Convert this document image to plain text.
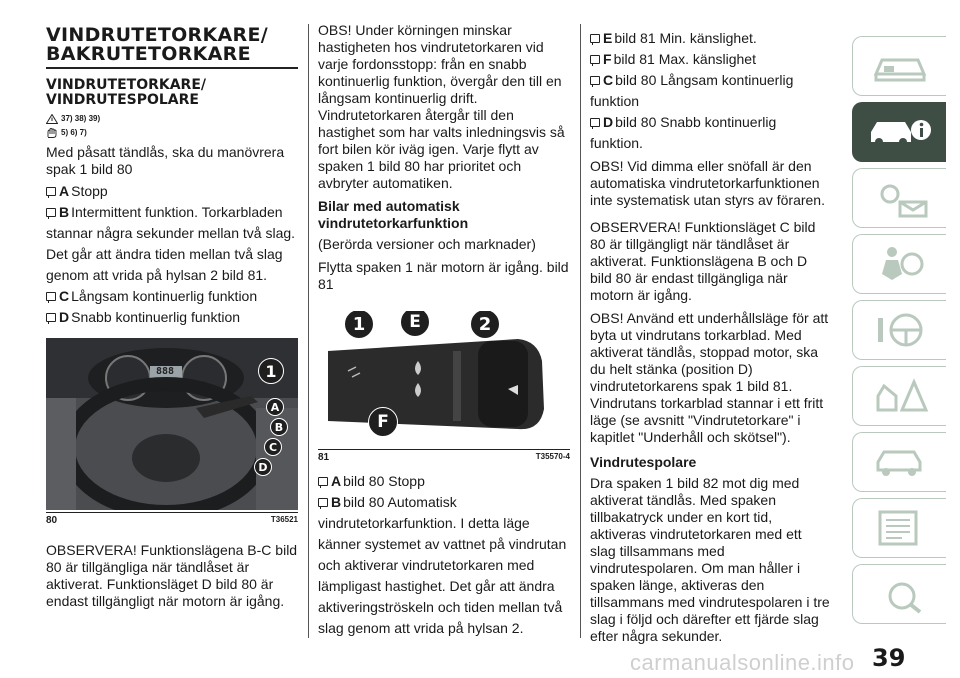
VINDRUTETORKARE/
BAKRUTETORKARE
VINDRUTETORKARE/
VINDRUTESPOLARE
37) 38) 39)
5) 6) 7)

Med påsatt tändlås, ska du manövrera spak 1 bild 80

A Stopp
B Intermittent funktion. Torkarbladen
stannar några sekunder mellan två slag. Det går att ändra tiden mellan två slag genom att vrida på hylsan 2 bild 81.
C Långsam kontinuerlig funktion
D Snabb kontinuerlig funktion
888	1
A
B
C
D
80	T36521

OBSERVERA! Funktionslägena B-C bild 80 är tillgängliga när tändlåset är aktiverat. Funktionsläget D bild 80 är endast tillgängligt när motorn är igång.

OBS! Under körningen minskar hastigheten hos vindrutetorkaren vid varje fordonsstopp: från en snabb kontinuerlig funktion, övergår den till en långsam kontinuerlig drift. Vindrutetorkaren återgår till den hastighet som har valts inledningsvis så fort bilen kör iväg igen. Varje flytt av spaken 1 bild 80 har prioritet och avbryter automatiken.

Bilar med automatisk vindrutetorkarfunktion

(Berörda versioner och marknader)

Flytta spaken 1 när motorn är igång. bild 81

1	E	2
F
81	T35570-4
A bild 80 Stopp
B bild 80 Automatisk
vindrutetorkarfunktion. I detta läge känner systemet av vattnet på vindrutan och aktiverar vindrutetorkaren med lämpligast hastighet. Det går att ändra aktiveringströskeln och tiden mellan två slag genom att vrida på hylsan 2.
E bild 81 Min. känslighet.
F bild 81 Max. känslighet
C bild 80 Långsam kontinuerlig
funktion
D bild 80 Snabb kontinuerlig
funktion.

OBS! Vid dimma eller snöfall är den automatiska vindrutetorkarfunktionen inte systematisk utan styrs av föraren.

OBSERVERA! Funktionsläget C bild 80 är tillgängligt när tändlåset är aktiverat. Funktionslägena B och D bild 80 är endast tillgängliga när motorn är igång.

OBS! Använd ett underhållsläge för att byta ut vindrutans torkarblad. Med aktiverat tändlås, stoppad motor, ska du helt stänka (position D) vindrutetorkarens spak 1 bild 81. Vindrutans torkarblad stannar i ett fritt läge (se avsnitt "Vindrutetorkare" i kapitlet "Underhåll och skötsel").

Vindrutespolare

Dra spaken 1 bild 82 mot dig med aktiverat tändlås. Med spaken tillbakatryck under en kort tid, aktiveras vindrutetorkaren med ett slag tillsammans med vindrutespolaren. Om man håller i spaken länge, aktiveras den tillsammans med vindrutespolaren i tre slag i följd och därefter ett fjärde slag efter några sekunder.

carmanualsonline.info 39
